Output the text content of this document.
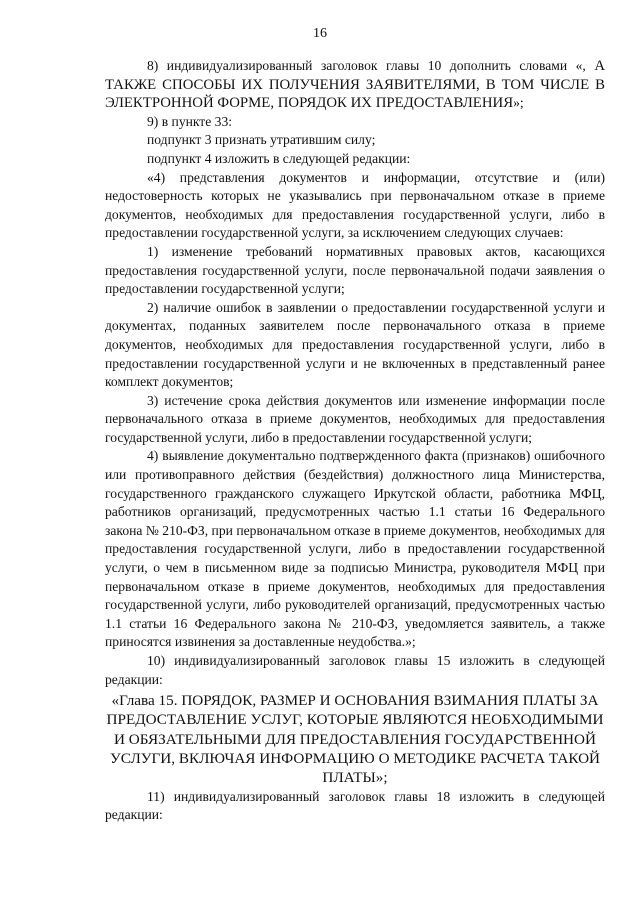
16

8) индивидуализированный заголовок главы 10 дополнить словами «, А ТАКЖЕ СПОСОБЫ ИХ ПОЛУЧЕНИЯ ЗАЯВИТЕЛЯМИ, В ТОМ ЧИСЛЕ В ЭЛЕКТРОННОЙ ФОРМЕ, ПОРЯДОК ИХ ПРЕДОСТАВЛЕНИЯ»;

9) в пункте 33:

подпункт 3 признать утратившим силу;

подпункт 4 изложить в следующей редакции:

«4) представления документов и информации, отсутствие и (или) недостоверность которых не указывались при первоначальном отказе в приеме документов, необходимых для предоставления государственной услуги, либо в предоставлении государственной услуги, за исключением следующих случаев:

1) изменение требований нормативных правовых актов, касающихся предоставления государственной услуги, после первоначальной подачи заявления о предоставлении государственной услуги;

2) наличие ошибок в заявлении о предоставлении государственной услуги и документах, поданных заявителем после первоначального отказа в приеме документов, необходимых для предоставления государственной услуги, либо в предоставлении государственной услуги и не включенных в представленный ранее комплект документов;

3) истечение срока действия документов или изменение информации после первоначального отказа в приеме документов, необходимых для предоставления государственной услуги, либо в предоставлении государственной услуги;

4) выявление документально подтвержденного факта (признаков) ошибочного или противоправного действия (бездействия) должностного лица Министерства, государственного гражданского служащего Иркутской области, работника МФЦ, работников организаций, предусмотренных частью 1.1 статьи 16 Федерального закона № 210-ФЗ, при первоначальном отказе в приеме документов, необходимых для предоставления государственной услуги, либо в предоставлении государственной услуги, о чем в письменном виде за подписью Министра, руководителя МФЦ при первоначальном отказе в приеме документов, необходимых для предоставления государственной услуги, либо руководителей организаций, предусмотренных частью 1.1 статьи 16 Федерального закона № 210-ФЗ, уведомляется заявитель, а также приносятся извинения за доставленные неудобства.»;

10) индивидуализированный заголовок главы 15 изложить в следующей редакции:

«Глава 15. ПОРЯДОК, РАЗМЕР И ОСНОВАНИЯ ВЗИМАНИЯ ПЛАТЫ ЗА ПРЕДОСТАВЛЕНИЕ УСЛУГ, КОТОРЫЕ ЯВЛЯЮТСЯ НЕОБХОДИМЫМИ И ОБЯЗАТЕЛЬНЫМИ ДЛЯ ПРЕДОСТАВЛЕНИЯ ГОСУДАРСТВЕННОЙ УСЛУГИ, ВКЛЮЧАЯ ИНФОРМАЦИЮ О МЕТОДИКЕ РАСЧЕТА ТАКОЙ ПЛАТЫ»;

11) индивидуализированный заголовок главы 18 изложить в следующей редакции:
